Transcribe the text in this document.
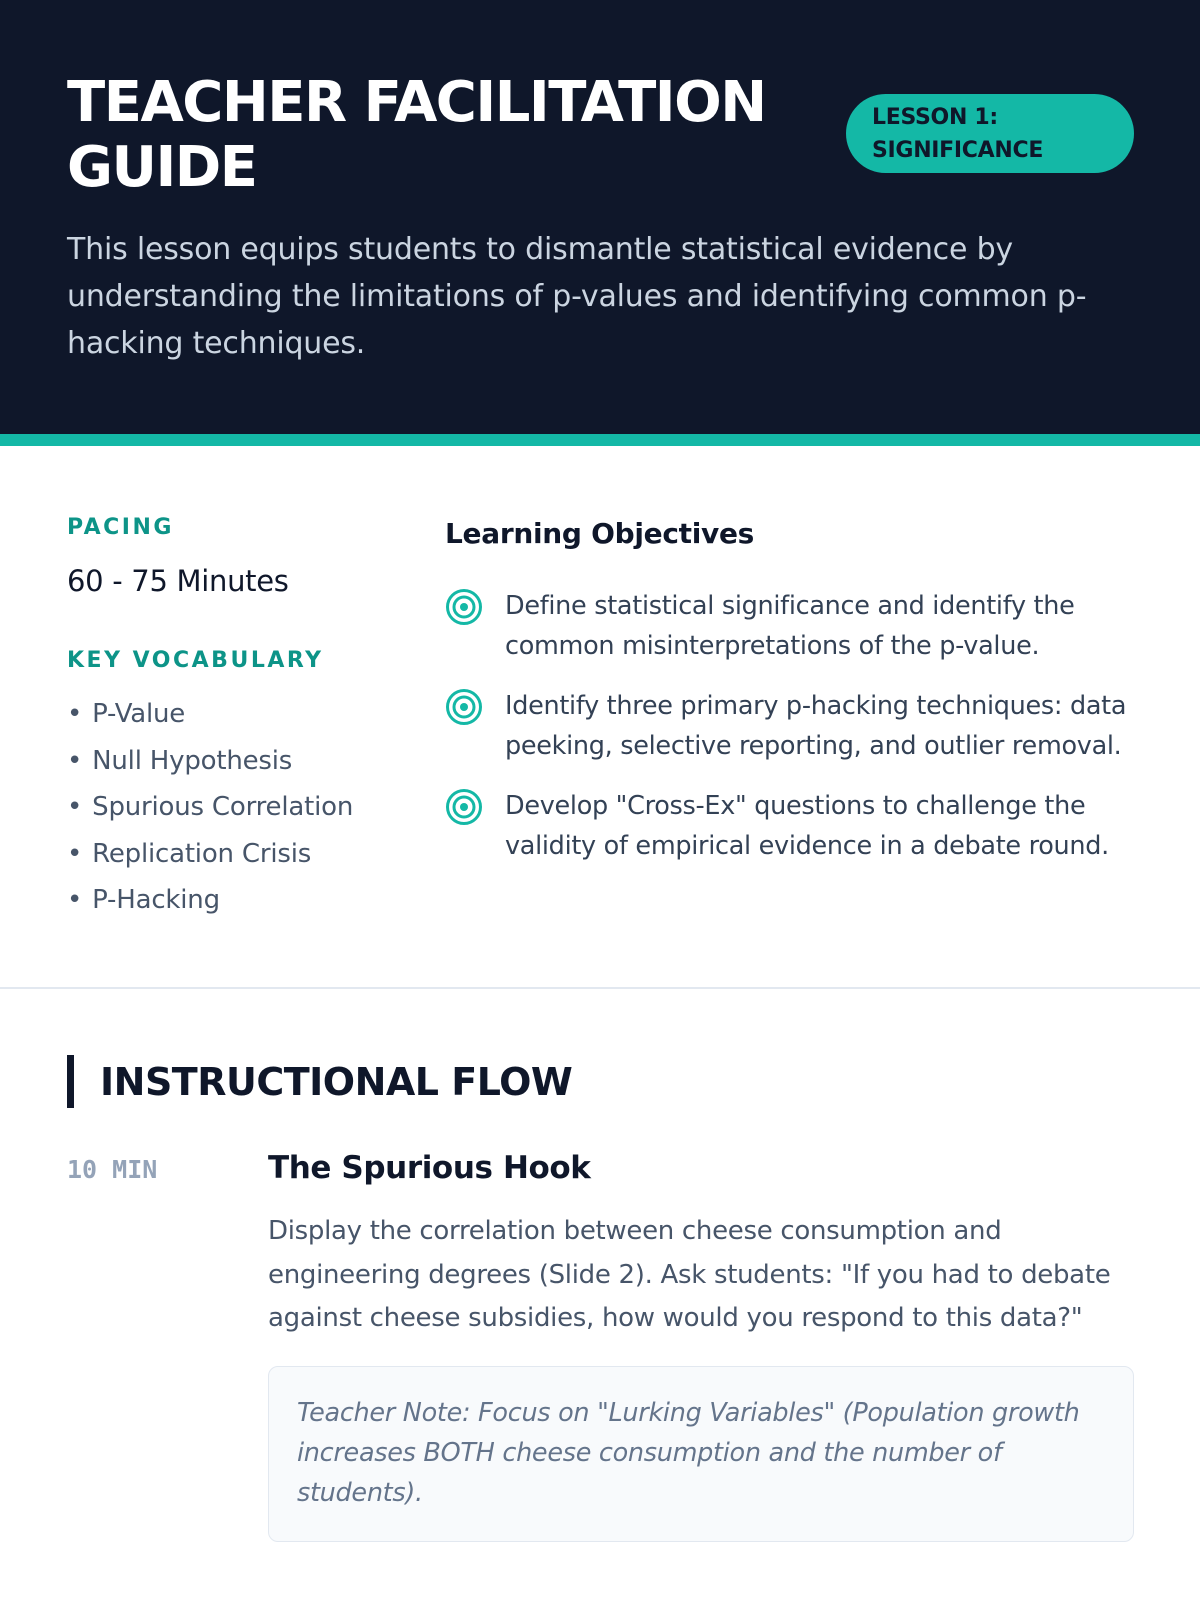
TEACHER FACILITATION GUIDE
LESSON 1: SIGNIFICANCE

This lesson equips students to dismantle statistical evidence by understanding the limitations of p-values and identifying common p-hacking techniques.

PACING
60 - 75 Minutes
KEY VOCABULARY
• P-Value
• Null Hypothesis
• Spurious Correlation
• Replication Crisis
• P-Hacking
Learning Objectives
Define statistical significance and identify the common misinterpretations of the p-value.
Identify three primary p-hacking techniques: data peeking, selective reporting, and outlier removal.
Develop "Cross-Ex" questions to challenge the validity of empirical evidence in a debate round.
INSTRUCTIONAL FLOW
10 MIN	The Spurious Hook

Display the correlation between cheese consumption and engineering degrees (Slide 2). Ask students: "If you had to debate against cheese subsidies, how would you respond to this data?"

Teacher Note: Focus on "Lurking Variables" (Population growth increases BOTH cheese consumption and the number of students).
